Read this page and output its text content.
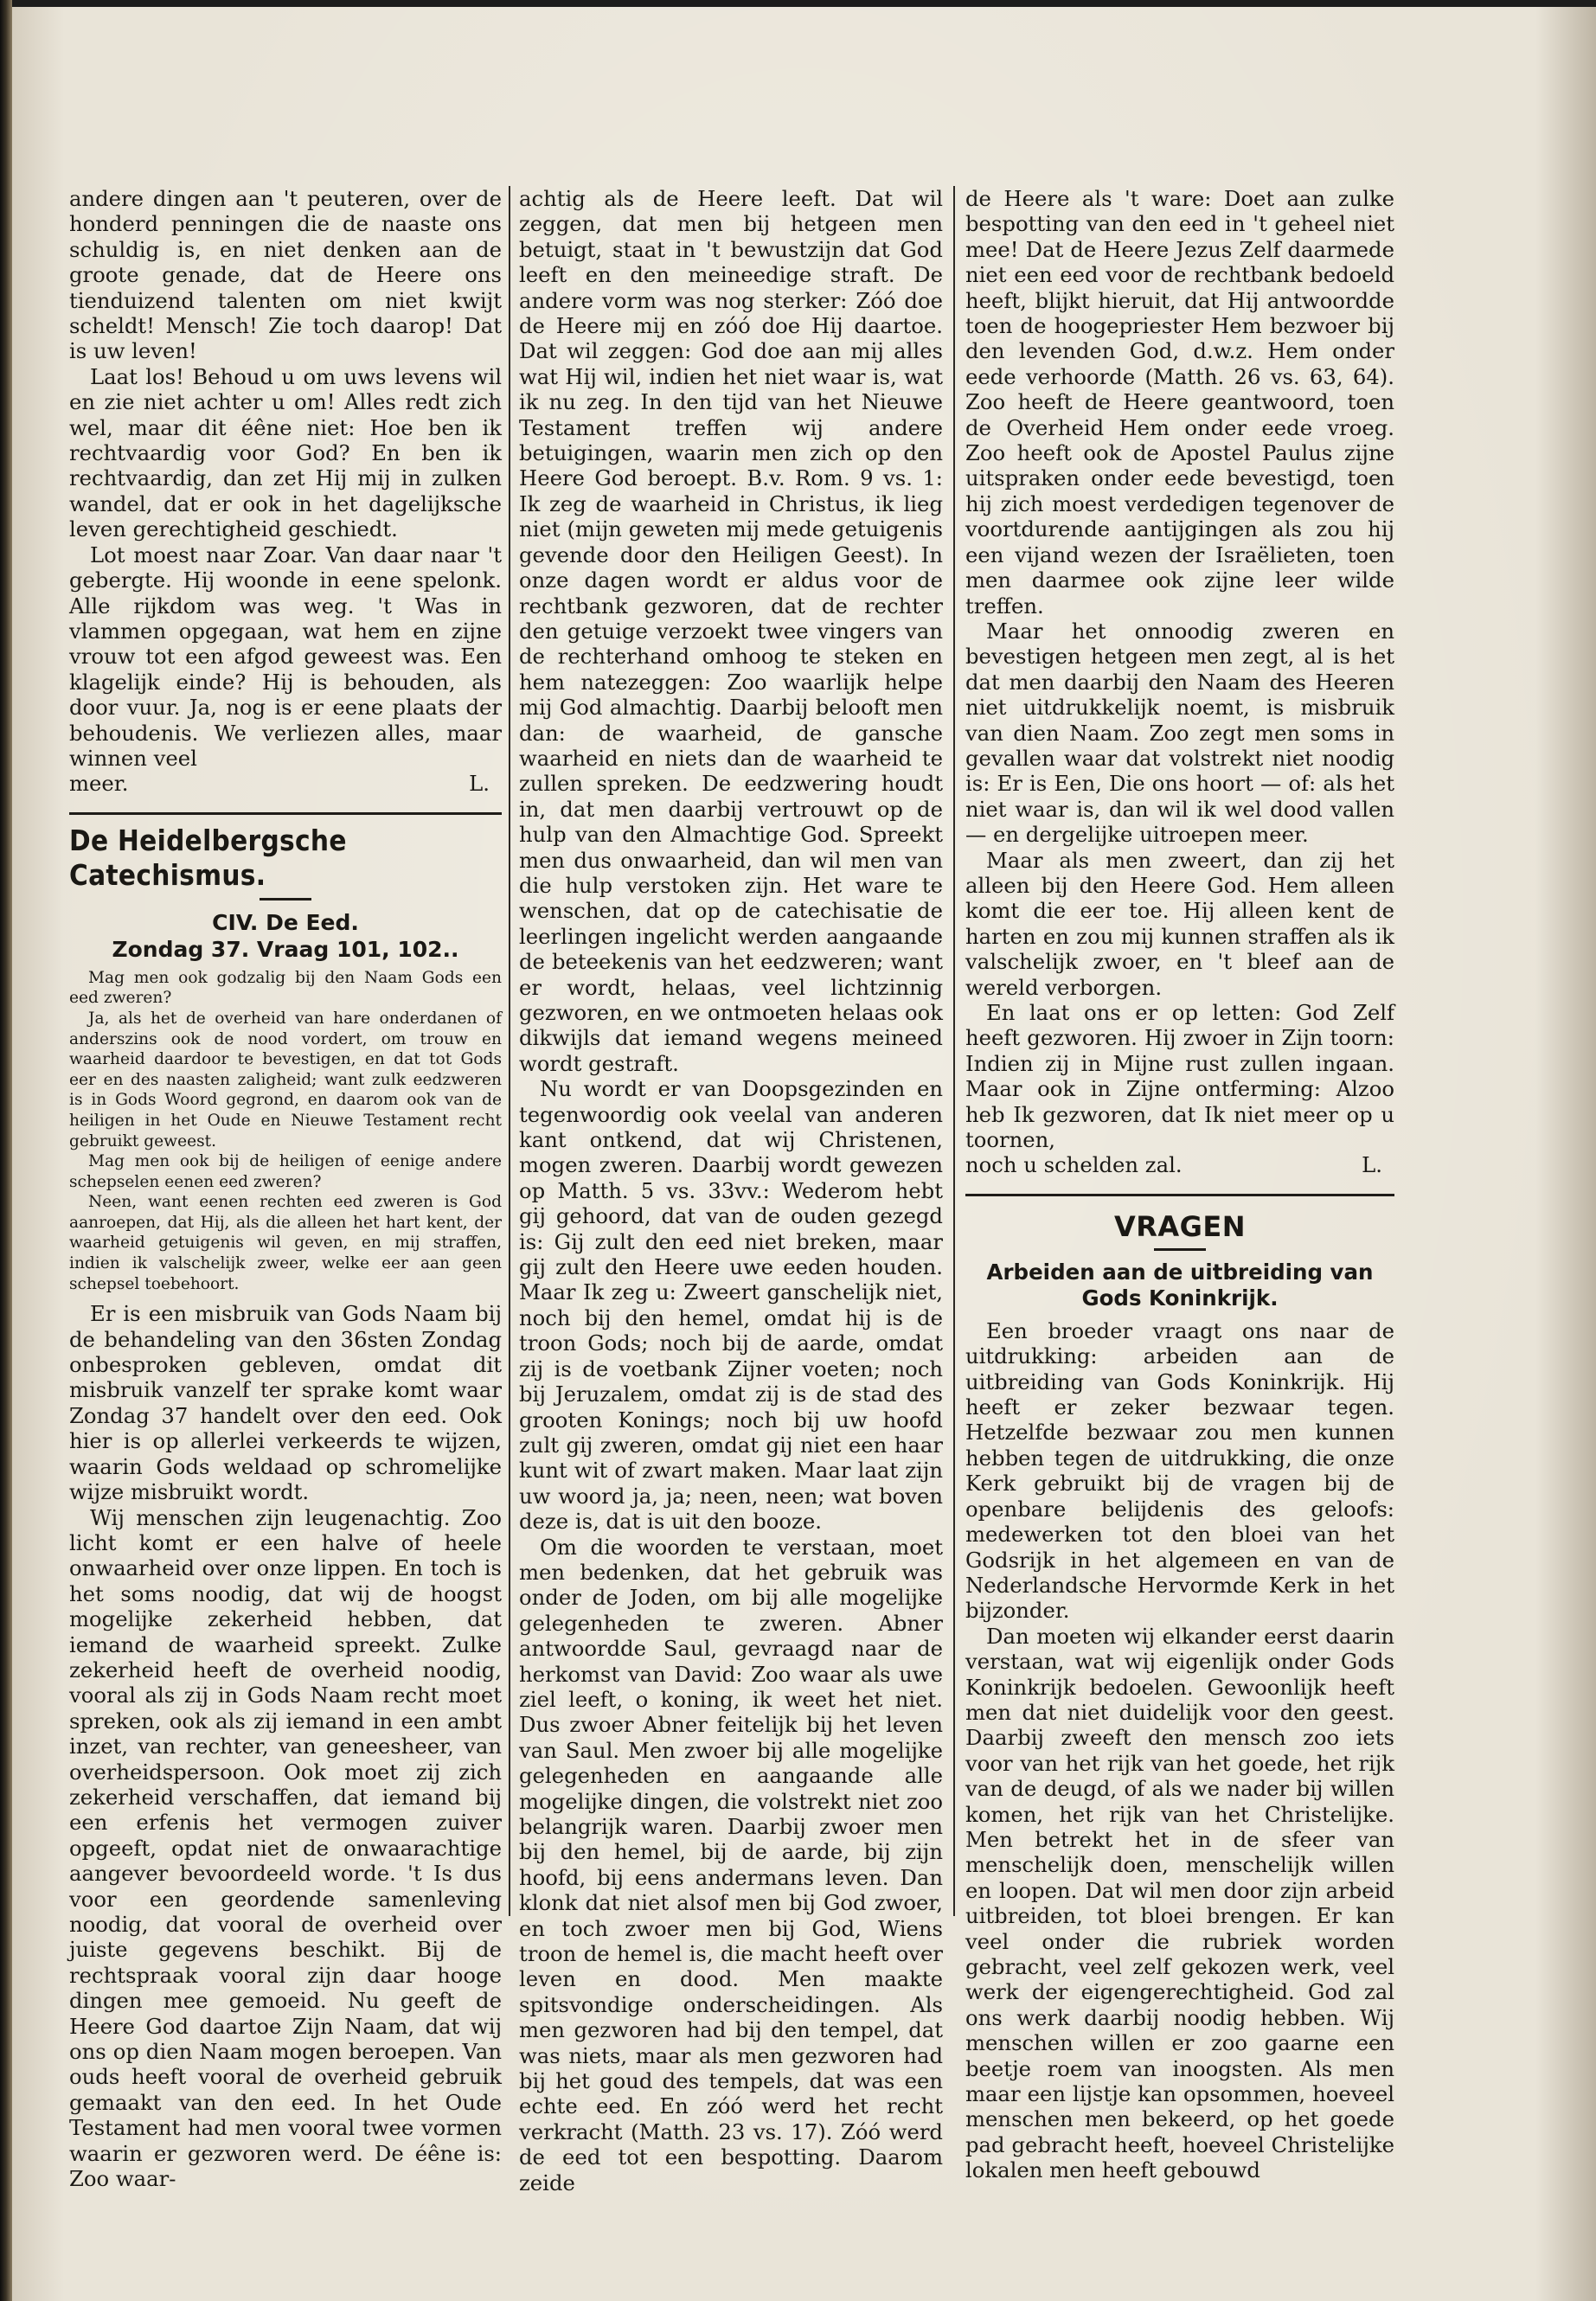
andere dingen aan 't peuteren, over de honderd penningen die de naaste ons schuldig is, en niet denken aan de groote genade, dat de Heere ons tienduizend talenten om niet kwijt scheldt! Mensch! Zie toch daarop! Dat is uw leven!

Laat los! Behoud u om uws levens wil en zie niet achter u om! Alles redt zich wel, maar dit éêne niet: Hoe ben ik rechtvaardig voor God? En ben ik rechtvaardig, dan zet Hij mij in zulken wandel, dat er ook in het dagelijksche leven gerechtigheid geschiedt.

Lot moest naar Zoar. Van daar naar 't gebergte. Hij woonde in eene spelonk. Alle rijkdom was weg. 't Was in vlammen opgegaan, wat hem en zijne vrouw tot een afgod geweest was. Een klagelijk einde? Hij is behouden, als door vuur. Ja, nog is er eene plaats der behoudenis. We verliezen alles, maar winnen veel

meer.	L.

De Heidelbergsche Catechismus.
CIV. De Eed.
Zondag 37. Vraag 101, 102..

Mag men ook godzalig bij den Naam Gods een eed zweren?

Ja, als het de overheid van hare onderdanen of anderszins ook de nood vordert, om trouw en waarheid daardoor te bevestigen, en dat tot Gods eer en des naasten zaligheid; want zulk eedzweren is in Gods Woord gegrond, en daarom ook van de heiligen in het Oude en Nieuwe Testament recht gebruikt geweest.

Mag men ook bij de heiligen of eenige andere schepselen eenen eed zweren?

Neen, want eenen rechten eed zweren is God aanroepen, dat Hij, als die alleen het hart kent, der waarheid getuigenis wil geven, en mij straffen, indien ik valschelijk zweer, welke eer aan geen schepsel toebehoort.

Er is een misbruik van Gods Naam bij de behandeling van den 36sten Zondag onbesproken gebleven, omdat dit misbruik vanzelf ter sprake komt waar Zondag 37 handelt over den eed. Ook hier is op allerlei verkeerds te wijzen, waarin Gods weldaad op schromelijke wijze misbruikt wordt.

Wij menschen zijn leugenachtig. Zoo licht komt er een halve of heele onwaarheid over onze lippen. En toch is het soms noodig, dat wij de hoogst mogelijke zekerheid hebben, dat iemand de waarheid spreekt. Zulke zekerheid heeft de overheid noodig, vooral als zij in Gods Naam recht moet spreken, ook als zij iemand in een ambt inzet, van rechter, van geneesheer, van overheidspersoon. Ook moet zij zich zekerheid verschaffen, dat iemand bij een erfenis het vermogen zuiver opgeeft, opdat niet de onwaarachtige aangever bevoordeeld worde. 't Is dus voor een geordende samenleving noodig, dat vooral de overheid over juiste gegevens beschikt. Bij de rechtspraak vooral zijn daar hooge dingen mee gemoeid. Nu geeft de Heere God daartoe Zijn Naam, dat wij ons op dien Naam mogen beroepen. Van ouds heeft vooral de overheid gebruik gemaakt van den eed. In het Oude Testament had men vooral twee vormen waarin er gezworen werd. De éêne is: Zoo waar-

achtig als de Heere leeft. Dat wil zeggen, dat men bij hetgeen men betuigt, staat in 't bewustzijn dat God leeft en den meineedige straft. De andere vorm was nog sterker: Zóó doe de Heere mij en zóó doe Hij daartoe. Dat wil zeggen: God doe aan mij alles wat Hij wil, indien het niet waar is, wat ik nu zeg. In den tijd van het Nieuwe Testament treffen wij andere betuigingen, waarin men zich op den Heere God beroept. B.v. Rom. 9 vs. 1: Ik zeg de waarheid in Christus, ik lieg niet (mijn geweten mij mede getuigenis gevende door den Heiligen Geest). In onze dagen wordt er aldus voor de rechtbank gezworen, dat de rechter den getuige verzoekt twee vingers van de rechterhand omhoog te steken en hem natezeggen: Zoo waarlijk helpe mij God almachtig. Daarbij belooft men dan: de waarheid, de gansche waarheid en niets dan de waarheid te zullen spreken. De eedzwering houdt in, dat men daarbij vertrouwt op de hulp van den Almachtige God. Spreekt men dus onwaarheid, dan wil men van die hulp verstoken zijn. Het ware te wenschen, dat op de catechisatie de leerlingen ingelicht werden aangaande de beteekenis van het eedzweren; want er wordt, helaas, veel lichtzinnig gezworen, en we ontmoeten helaas ook dikwijls dat iemand wegens meineed wordt gestraft.

Nu wordt er van Doopsgezinden en tegenwoordig ook veelal van anderen kant ontkend, dat wij Christenen, mogen zweren. Daarbij wordt gewezen op Matth. 5 vs. 33vv.: Wederom hebt gij gehoord, dat van de ouden gezegd is: Gij zult den eed niet breken, maar gij zult den Heere uwe eeden houden. Maar Ik zeg u: Zweert ganschelijk niet, noch bij den hemel, omdat hij is de troon Gods; noch bij de aarde, omdat zij is de voetbank Zijner voeten; noch bij Jeruzalem, omdat zij is de stad des grooten Konings; noch bij uw hoofd zult gij zweren, omdat gij niet een haar kunt wit of zwart maken. Maar laat zijn uw woord ja, ja; neen, neen; wat boven deze is, dat is uit den booze.

Om die woorden te verstaan, moet men bedenken, dat het gebruik was onder de Joden, om bij alle mogelijke gelegenheden te zweren. Abner antwoordde Saul, gevraagd naar de herkomst van David: Zoo waar als uwe ziel leeft, o koning, ik weet het niet. Dus zwoer Abner feitelijk bij het leven van Saul. Men zwoer bij alle mogelijke gelegenheden en aangaande alle mogelijke dingen, die volstrekt niet zoo belangrijk waren. Daarbij zwoer men bij den hemel, bij de aarde, bij zijn hoofd, bij eens andermans leven. Dan klonk dat niet alsof men bij God zwoer, en toch zwoer men bij God, Wiens troon de hemel is, die macht heeft over leven en dood. Men maakte spitsvondige onderscheidingen. Als men gezworen had bij den tempel, dat was niets, maar als men gezworen had bij het goud des tempels, dat was een echte eed. En zóó werd het recht verkracht (Matth. 23 vs. 17). Zóó werd de eed tot een bespotting. Daarom zeide

de Heere als 't ware: Doet aan zulke bespotting van den eed in 't geheel niet mee! Dat de Heere Jezus Zelf daarmede niet een eed voor de rechtbank bedoeld heeft, blijkt hieruit, dat Hij antwoordde toen de hoogepriester Hem bezwoer bij den levenden God, d.w.z. Hem onder eede verhoorde (Matth. 26 vs. 63, 64). Zoo heeft de Heere geantwoord, toen de Overheid Hem onder eede vroeg. Zoo heeft ook de Apostel Paulus zijne uitspraken onder eede bevestigd, toen hij zich moest verdedigen tegenover de voortdurende aantijgingen als zou hij een vijand wezen der Israëlieten, toen men daarmee ook zijne leer wilde treffen.

Maar het onnoodig zweren en bevestigen hetgeen men zegt, al is het dat men daarbij den Naam des Heeren niet uitdrukkelijk noemt, is misbruik van dien Naam. Zoo zegt men soms in gevallen waar dat volstrekt niet noodig is: Er is Een, Die ons hoort — of: als het niet waar is, dan wil ik wel dood vallen — en dergelijke uitroepen meer.

Maar als men zweert, dan zij het alleen bij den Heere God. Hem alleen komt die eer toe. Hij alleen kent de harten en zou mij kunnen straffen als ik valschelijk zwoer, en 't bleef aan de wereld verborgen.

En laat ons er op letten: God Zelf heeft gezworen. Hij zwoer in Zijn toorn: Indien zij in Mijne rust zullen ingaan. Maar ook in Zijne ontferming: Alzoo heb Ik gezworen, dat Ik niet meer op u toornen,

noch u schelden zal.	L.

VRAGEN
Arbeiden aan de uitbreiding van Gods Koninkrijk.

Een broeder vraagt ons naar de uitdrukking: arbeiden aan de uitbreiding van Gods Koninkrijk. Hij heeft er zeker bezwaar tegen. Hetzelfde bezwaar zou men kunnen hebben tegen de uitdrukking, die onze Kerk gebruikt bij de vragen bij de openbare belijdenis des geloofs: medewerken tot den bloei van het Godsrijk in het algemeen en van de Nederlandsche Hervormde Kerk in het bijzonder.

Dan moeten wij elkander eerst daarin verstaan, wat wij eigenlijk onder Gods Koninkrijk bedoelen. Gewoonlijk heeft men dat niet duidelijk voor den geest. Daarbij zweeft den mensch zoo iets voor van het rijk van het goede, het rijk van de deugd, of als we nader bij willen komen, het rijk van het Christelijke. Men betrekt het in de sfeer van menschelijk doen, menschelijk willen en loopen. Dat wil men door zijn arbeid uitbreiden, tot bloei brengen. Er kan veel onder die rubriek worden gebracht, veel zelf gekozen werk, veel werk der eigengerechtigheid. God zal ons werk daarbij noodig hebben. Wij menschen willen er zoo gaarne een beetje roem van inoogsten. Als men maar een lijstje kan opsommen, hoeveel menschen men bekeerd, op het goede pad gebracht heeft, hoeveel Christelijke lokalen men heeft gebouwd
